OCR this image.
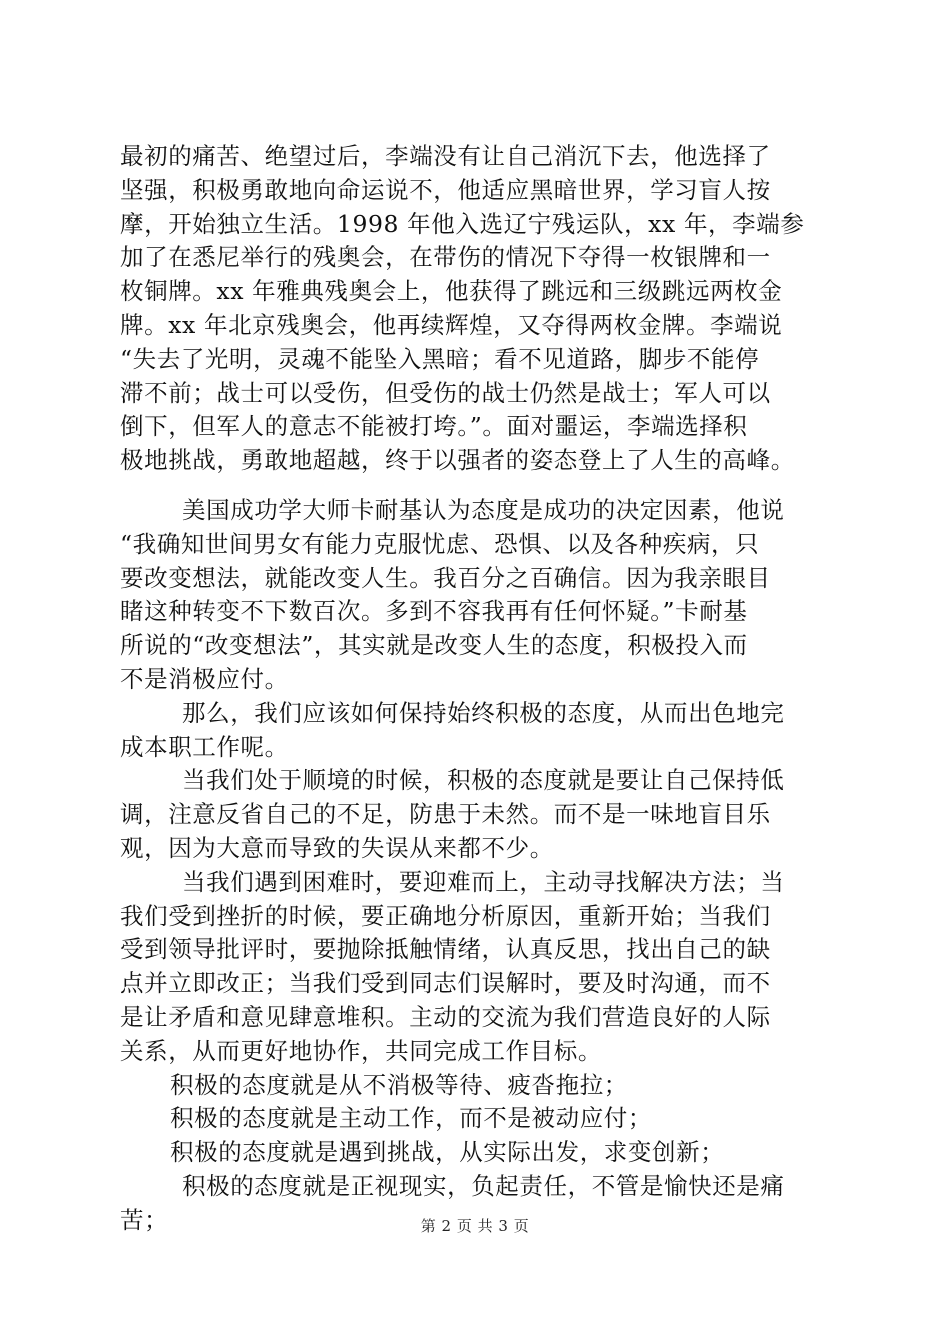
最初的痛苦、绝望过后，李端没有让自己消沉下去，他选择了
坚强，积极勇敢地向命运说不，他适应黑暗世界，学习盲人按
摩，开始独立生活。1998 年他入选辽宁残运队，xx 年，李端参
加了在悉尼举行的残奥会，在带伤的情况下夺得一枚银牌和一
枚铜牌。xx 年雅典残奥会上，他获得了跳远和三级跳远两枚金
牌。xx 年北京残奥会，他再续辉煌，又夺得两枚金牌。李端说
“失去了光明，灵魂不能坠入黑暗；看不见道路，脚步不能停
滞不前；战士可以受伤，但受伤的战士仍然是战士；军人可以
倒下，但军人的意志不能被打垮。”。面对噩运，李端选择积
极地挑战，勇敢地超越，终于以强者的姿态登上了人生的高峰。
美国成功学大师卡耐基认为态度是成功的决定因素，他说
“我确知世间男女有能力克服忧虑、恐惧、以及各种疾病，只
要改变想法，就能改变人生。我百分之百确信。因为我亲眼目
睹这种转变不下数百次。多到不容我再有任何怀疑。”卡耐基
所说的“改变想法”，其实就是改变人生的态度，积极投入而
不是消极应付。
那么，我们应该如何保持始终积极的态度，从而出色地完
成本职工作呢。
当我们处于顺境的时候，积极的态度就是要让自己保持低
调，注意反省自己的不足，防患于未然。而不是一味地盲目乐
观，因为大意而导致的失误从来都不少。
当我们遇到困难时，要迎难而上，主动寻找解决方法；当
我们受到挫折的时候，要正确地分析原因，重新开始；当我们
受到领导批评时，要抛除抵触情绪，认真反思，找出自己的缺
点并立即改正；当我们受到同志们误解时，要及时沟通，而不
是让矛盾和意见肆意堆积。主动的交流为我们营造良好的人际
关系，从而更好地协作，共同完成工作目标。
积极的态度就是从不消极等待、疲沓拖拉；
积极的态度就是主动工作，而不是被动应付；
积极的态度就是遇到挑战，从实际出发，求变创新；
积极的态度就是正视现实，负起责任，不管是愉快还是痛
苦；	第 2 页 共 3 页
